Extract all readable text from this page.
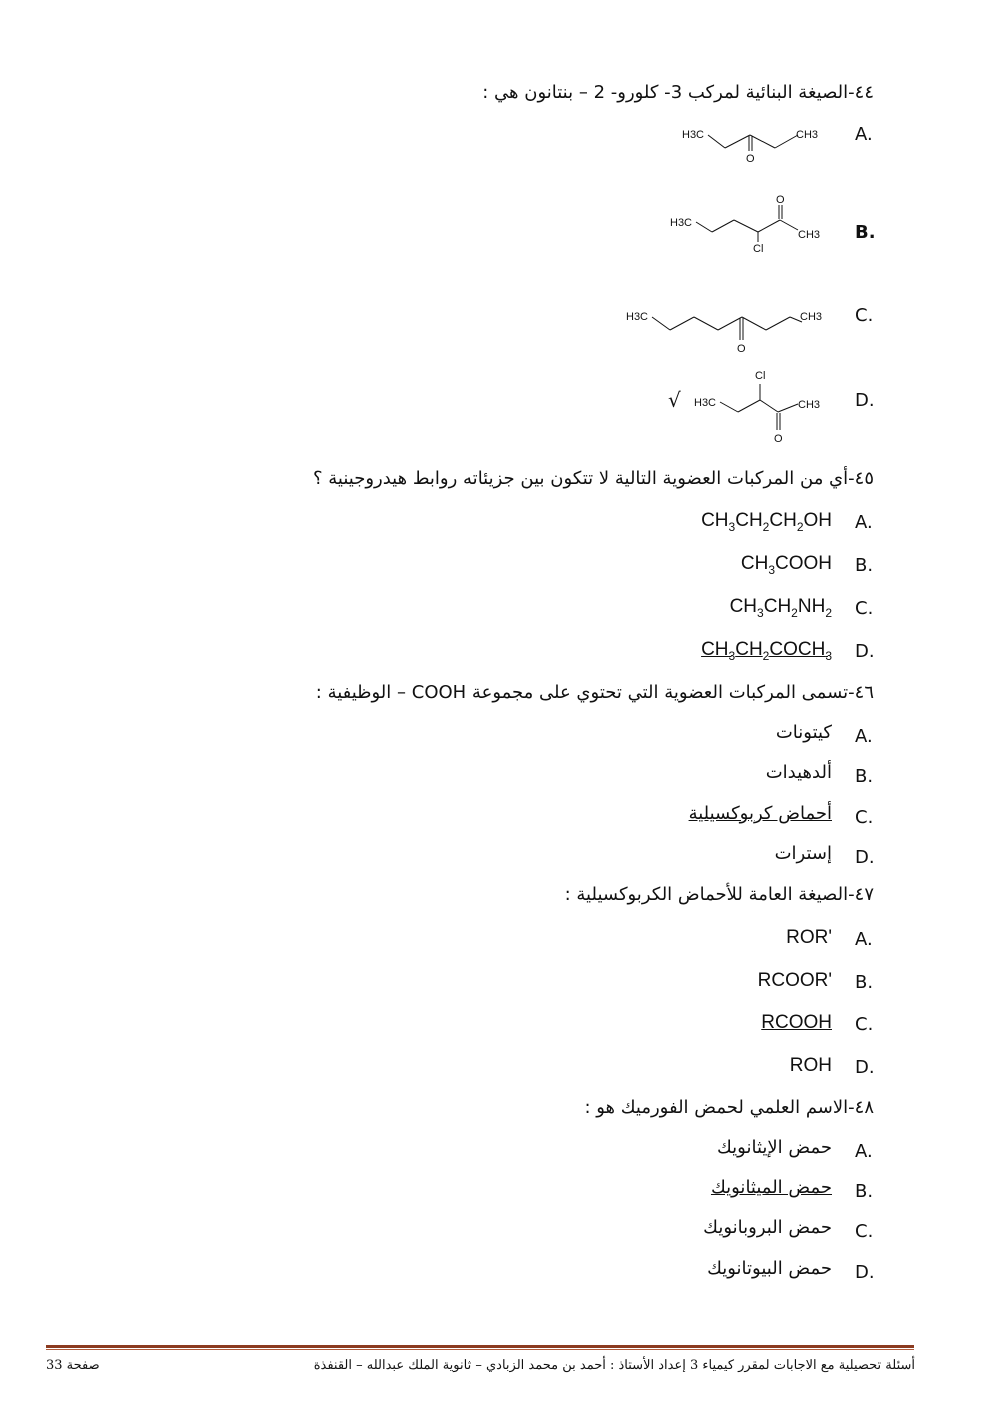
٤٤-الصيغة البنائية لمركب 3- كلورو- 2 – بنتانون هي :
A.
H3C
O
CH3
B.
H3C
Cl
O
CH3
C.
H3C
O
CH3
D.
√ H3C
Cl
O
CH3
٤٥-أي من المركبات العضوية التالية لا تتكون بين جزيئاته روابط هيدروجينية ؟
A.
$CH_3CH_2CH_2OH$
B.
$CH_3COOH$
C.
$CH_3CH_2NH_2$
D.
$CH_3CH_2COCH_3$
٤٦-تسمى المركبات العضوية التي تحتوي على مجموعة COOH – الوظيفية :
A.
كيتونات
B.
ألدهيدات
C.
أحماض كربوكسيلية
D.
إسترات
٤٧-الصيغة العامة للأحماض الكربوكسيلية :
A.
ROR'
B.
RCOOR'
C.
RCOOH
D.
ROH
٤٨-الاسم العلمي لحمض الفورميك هو :
A.
حمض الإيثانويك
B.
حمض الميثانويك
C.
حمض البروبانويك
D.
حمض البيوتانويك
أسئلة تحصيلية مع الاجابات لمقرر كيمياء 3 إعداد الأستاذ : أحمد بن محمد الزبادي – ثانوية الملك عبدالله – القنفذة
صفحة 33
